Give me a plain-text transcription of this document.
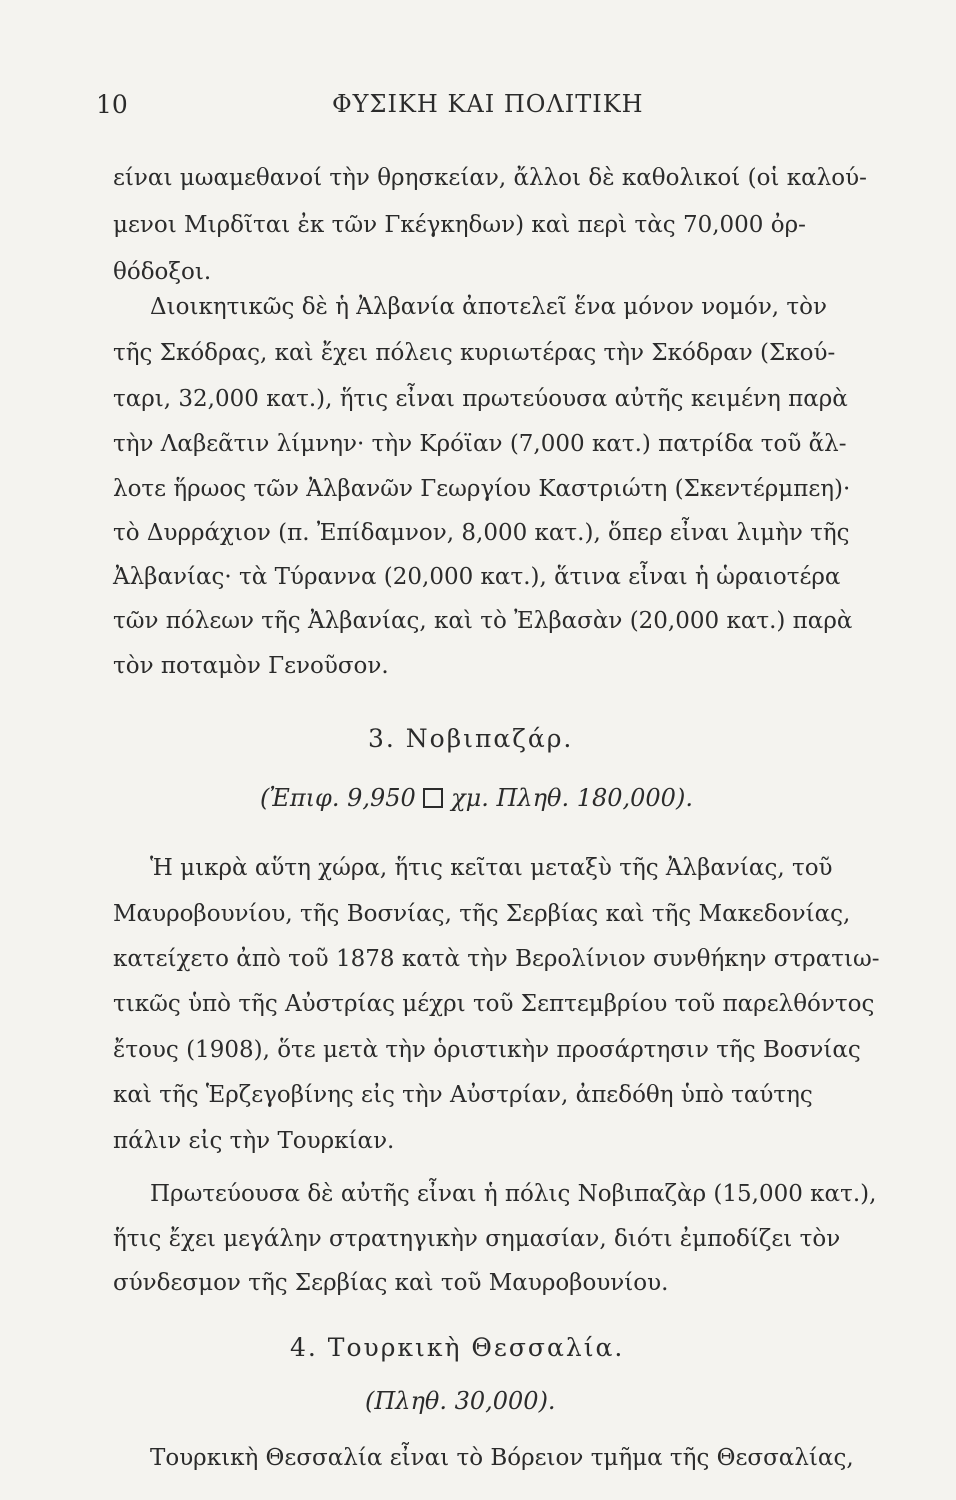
10	ΦΥΣΙΚΗ ΚΑΙ ΠΟΛΙΤΙΚΗ
είναι μωαμεθανοί τὴν θρησκείαν, ἄλλοι δὲ καθολικοί (οἱ καλού-
μενοι Μιρδῖται ἐκ τῶν Γκέγκηδων) καὶ περὶ τὰς 70,000 ὀρ-
θόδοξοι.
Διοικητικῶς δὲ ἡ Ἀλβανία ἀποτελεῖ ἕνα μόνον νομόν, τὸν
τῆς Σκόδρας, καὶ ἔχει πόλεις κυριωτέρας τὴν Σκόδραν (Σκού-
ταρι, 32,000 κατ.), ἥτις εἶναι πρωτεύουσα αὐτῆς κειμένη παρὰ
τὴν Λαβεᾶτιν λίμνην· τὴν Κρόϊαν (7,000 κατ.) πατρίδα τοῦ ἄλ-
λοτε ἥρωος τῶν Ἀλβανῶν Γεωργίου Καστριώτη (Σκεντέρμπεη)·
τὸ Δυρράχιον (π. Ἐπίδαμνον, 8,000 κατ.), ὅπερ εἶναι λιμὴν τῆς
Ἀλβανίας· τὰ Τύραννα (20,000 κατ.), ἅτινα εἶναι ἡ ὡραιοτέρα
τῶν πόλεων τῆς Ἀλβανίας, καὶ τὸ Ἐλβασὰν (20,000 κατ.) παρὰ
τὸν ποταμὸν Γενοῦσον.
3. Νοβιπαζάρ.
(Ἐπιφ. 9,950 χμ. Πληθ. 180,000).
Ἡ μικρὰ αὕτη χώρα, ἥτις κεῖται μεταξὺ τῆς Ἀλβανίας, τοῦ
Μαυροβουνίου, τῆς Βοσνίας, τῆς Σερβίας καὶ τῆς Μακεδονίας,
κατείχετο ἀπὸ τοῦ 1878 κατὰ τὴν Βερολίνιον συνθήκην στρατιω-
τικῶς ὑπὸ τῆς Αὐστρίας μέχρι τοῦ Σεπτεμβρίου τοῦ παρελθόντος
ἔτους (1908), ὅτε μετὰ τὴν ὁριστικὴν προσάρτησιν τῆς Βοσνίας
καὶ τῆς Ἑρζεγοβίνης εἰς τὴν Αὐστρίαν, ἀπεδόθη ὑπὸ ταύτης
πάλιν εἰς τὴν Τουρκίαν.
Πρωτεύουσα δὲ αὐτῆς εἶναι ἡ πόλις Νοβιπαζὰρ (15,000 κατ.),
ἥτις ἔχει μεγάλην στρατηγικὴν σημασίαν, διότι ἐμποδίζει τὸν
σύνδεσμον τῆς Σερβίας καὶ τοῦ Μαυροβουνίου.
4. Τουρκικὴ Θεσσαλία.
(Πληθ. 30,000).
Τουρκικὴ Θεσσαλία εἶναι τὸ Βόρειον τμῆμα τῆς Θεσσαλίας,
